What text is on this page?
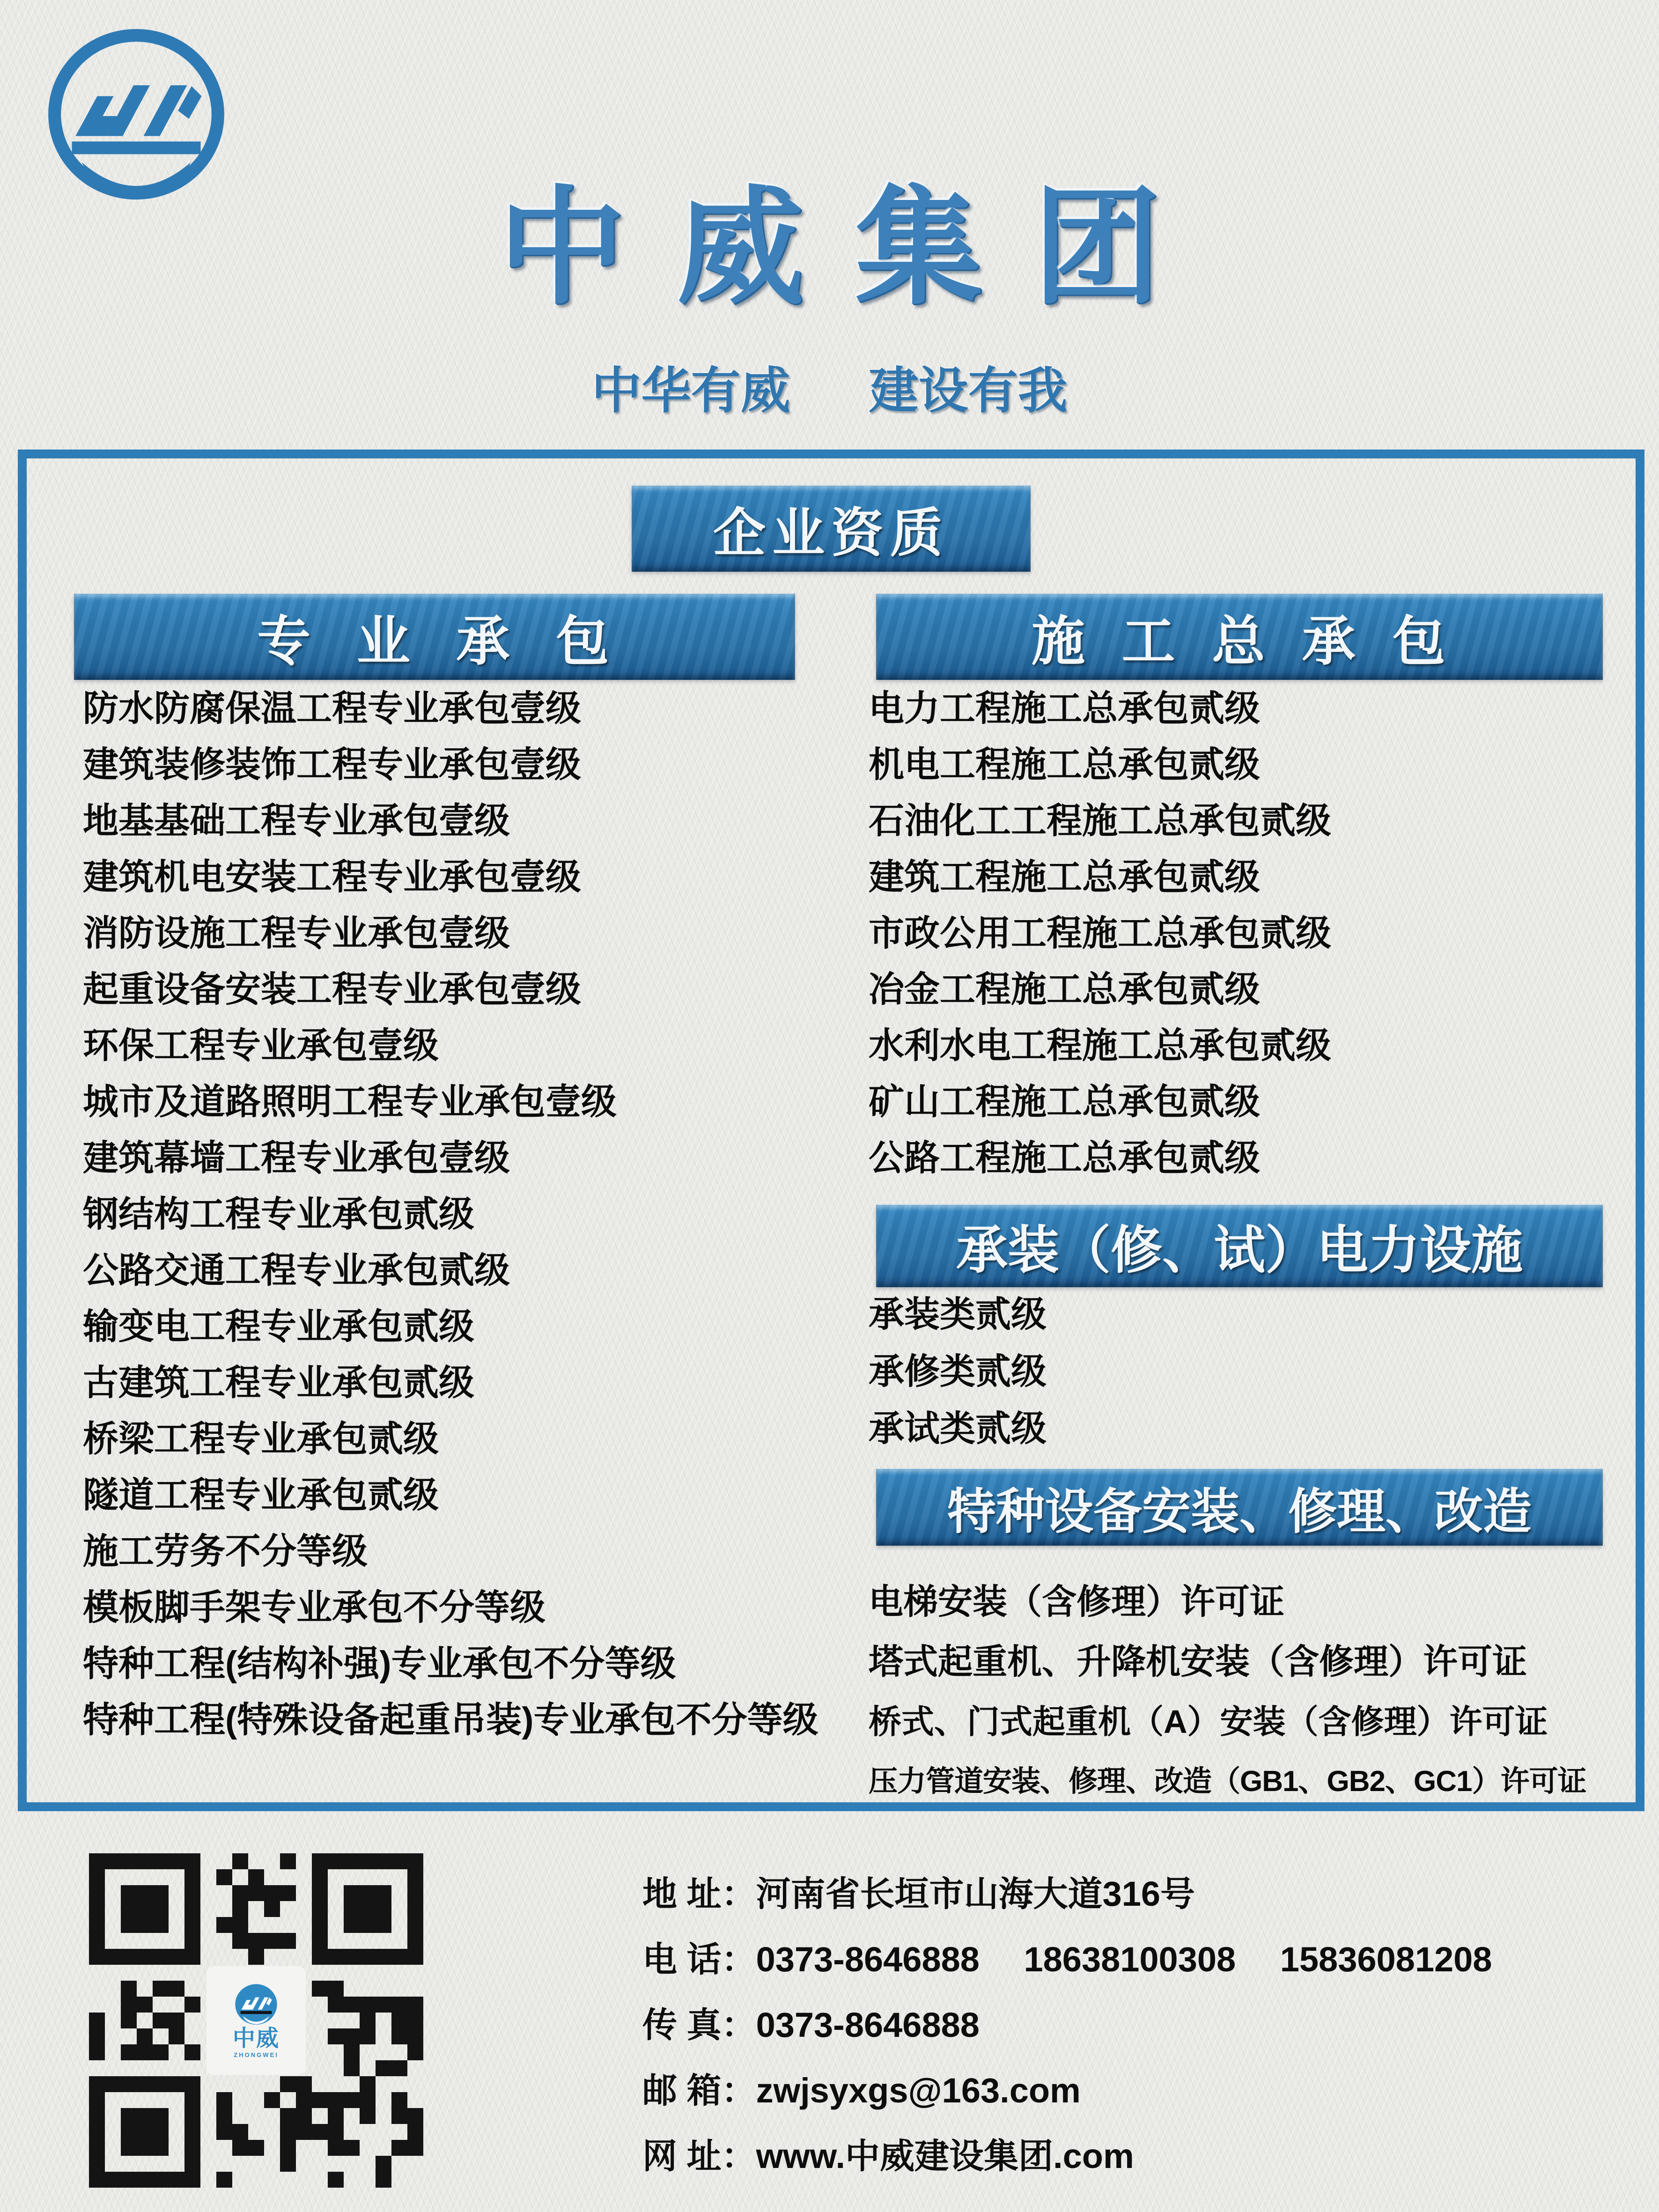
中威集团
中华有威 建设有我
企业资质
专 业 承 包	施 工 总 承 包
防水防腐保温工程专业承包壹级
建筑装修装饰工程专业承包壹级
地基基础工程专业承包壹级
建筑机电安装工程专业承包壹级
消防设施工程专业承包壹级
起重设备安装工程专业承包壹级
环保工程专业承包壹级
城市及道路照明工程专业承包壹级
建筑幕墙工程专业承包壹级
钢结构工程专业承包贰级
公路交通工程专业承包贰级
输变电工程专业承包贰级
古建筑工程专业承包贰级
桥梁工程专业承包贰级
隧道工程专业承包贰级
施工劳务不分等级
模板脚手架专业承包不分等级
特种工程(结构补强)专业承包不分等级
特种工程(特殊设备起重吊装)专业承包不分等级
电力工程施工总承包贰级
机电工程施工总承包贰级
石油化工工程施工总承包贰级
建筑工程施工总承包贰级
市政公用工程施工总承包贰级
冶金工程施工总承包贰级
水利水电工程施工总承包贰级
矿山工程施工总承包贰级
公路工程施工总承包贰级
承装（修、试）电力设施
承装类贰级
承修类贰级
承试类贰级
特种设备安装、修理、改造
电梯安装（含修理）许可证
塔式起重机、升降机安装（含修理）许可证
桥式、门式起重机（A）安装（含修理）许可证
压力管道安装、修理、改造（GB1、GB2、GC1）许可证
中威
ZHONGWEI
地 址： 河南省长垣市山海大道316号
电 话： 0373-8646888　 18638100308　 15836081208
传 真： 0373-8646888
邮 箱： zwjsyxgs@163.com
网 址： www.中威建设集团.com
